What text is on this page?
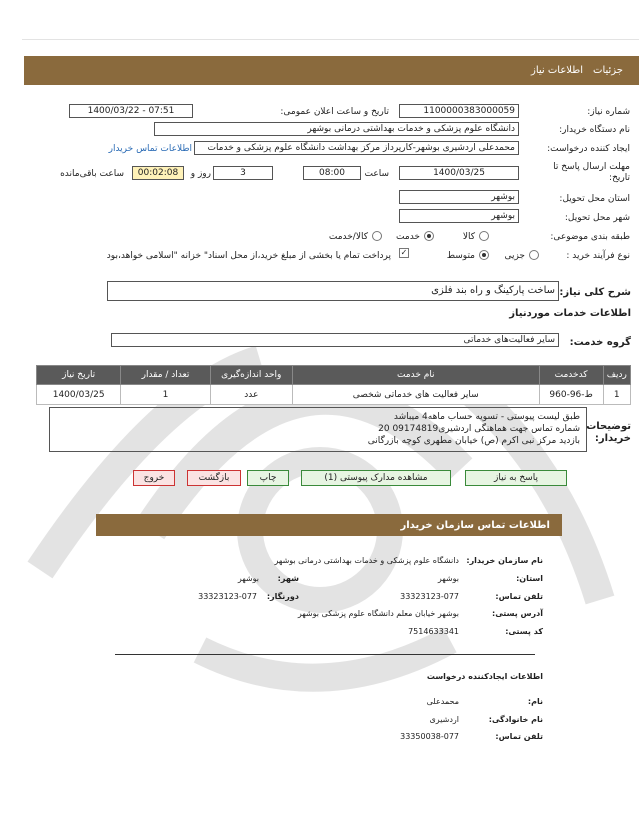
جزئیات
اطلاعات نیاز
شماره نیاز:
1100000383000059
تاریخ و ساعت اعلان عمومی:
1400/03/22 - 07:51
نام دستگاه خریدار:
دانشگاه علوم پزشکی و خدمات بهداشتی درمانی بوشهر
ایجاد کننده درخواست:
محمدعلی اردشیری بوشهر-کارپرداز مرکز بهداشت دانشگاه علوم پزشکی و خدمات
اطلاعات تماس خریدار
مهلت ارسال پاسخ تا تاریخ:
1400/03/25
ساعت
08:00
3
روز و
00:02:08
ساعت باقی‌مانده
استان محل تحویل:
بوشهر
شهر محل تحویل:
بوشهر
طبقه بندی موضوعی:
کالا
خدمت
کالا/خدمت
نوع فرآیند خرید :
جزیی
متوسط
✓
پرداخت تمام یا بخشی از مبلغ خرید،از محل اسناد" خزانه "اسلامی خواهد،بود
شرح کلی نیاز:
ساخت پارکینگ و راه بند فلزی
اطلاعات خدمات موردنیاز
گروه خدمت:
سایر فعالیت‌های خدماتی
ردیف	کدخدمت	نام خدمت	واحد اندازه‌گیری	تعداد / مقدار	تاریخ نیاز
1	ط-96-960	سایر فعالیت های خدماتی شخصی	عدد	1	1400/03/25
توضیحات خریدار:
طبق لیست پیوستی - تسویه حساب ماهه4 میباشد
شماره تماس جهت هماهنگی اردشیری09174819 20
بازدید مرکز نبی اکرم (ص) خیابان مطهری کوچه بازرگانی
پاسخ به نیاز
مشاهده مدارک پیوستی (1)
چاپ
بازگشت
خروج
اطلاعات تماس سازمان خریدار
نام سازمان خریدار:
دانشگاه علوم پزشکی و خدمات بهداشتی درمانی بوشهر
استان:
بوشهر
شهر:
بوشهر
تلفن تماس:
33323123-077
دورنگار:
33323123-077
آدرس پستی:
بوشهر خیابان معلم دانشگاه علوم پزشکی بوشهر
کد پستی:
7514633341
اطلاعات ایجادکننده درخواست
نام:
محمدعلی
نام خانوادگی:
اردشیری
تلفن تماس:
33350038-077
